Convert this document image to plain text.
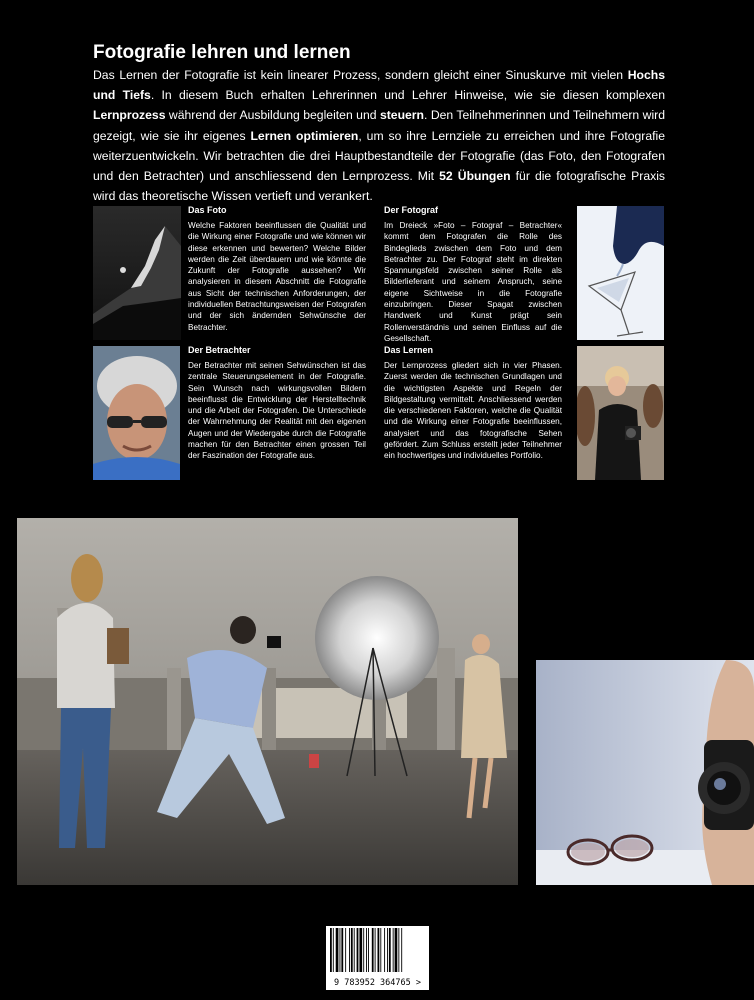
Fotografie lehren und lernen

Das Lernen der Fotografie ist kein linearer Prozess, sondern gleicht einer Sinuskurve mit vielen Hochs und Tiefs. In diesem Buch erhalten Lehrerinnen und Lehrer Hinweise, wie sie diesen komplexen Lernprozess während der Ausbildung begleiten und steuern. Den Teilnehmerinnen und Teilnehmern wird gezeigt, wie sie ihr eigenes Lernen optimieren, um so ihre Lernziele zu erreichen und ihre Fotografie weiterzuentwickeln. Wir betrachten die drei Hauptbestandteile der Fotografie (das Foto, den Fotografen und den Betrachter) und anschliessend den Lernprozess. Mit 52 Übungen für die fotografische Praxis wird das theoretische Wissen vertieft und verankert.

Das Foto

Welche Faktoren beeinflussen die Qualität und die Wirkung einer Fotografie und wie können wir diese erkennen und bewerten? Welche Bilder werden die Zeit überdauern und wie könnte die Zukunft der Fotografie aussehen? Wir analysieren in diesem Abschnitt die Fotografie aus Sicht der technischen Anforderungen, der individuellen Betrachtungsweisen der Fotografen und der sich ändernden Sehwünsche der Betrachter.

Der Fotograf

Im Dreieck »Foto – Fotograf – Betrachter« kommt dem Fotografen die Rolle des Bindeglieds zwischen dem Foto und dem Betrachter zu. Der Fotograf steht im direkten Spannungsfeld zwischen seiner Rolle als Bilderlieferant und seinem Anspruch, seine eigene Sichtweise in die Fotografie einzubringen. Dieser Spagat zwischen Handwerk und Kunst prägt sein Rollenverständnis und seinen Einfluss auf die Gesellschaft.

Der Betrachter

Der Betrachter mit seinen Sehwünschen ist das zentrale Steuerungselement in der Fotografie. Sein Wunsch nach wirkungsvollen Bildern beeinflusst die Entwicklung der Herstelltechnik und die Arbeit der Fotografen. Die Unterschiede der Wahrnehmung der Realität mit den eigenen Augen und der Wiedergabe durch die Fotografie machen für den Betrachter einen grossen Teil der Faszination der Fotografie aus.

Das Lernen

Der Lernprozess gliedert sich in vier Phasen. Zuerst werden die technischen Grundlagen und die wichtigsten Aspekte und Regeln der Bildgestaltung vermittelt. Anschliessend werden die verschiedenen Faktoren, welche die Qualität und die Wirkung einer Fotografie beeinflussen, analysiert und das fotografische Sehen gefördert. Zum Schluss erstellt jeder Teilnehmer ein hochwertiges und individuelles Portfolio.

9 783952 364765 >
